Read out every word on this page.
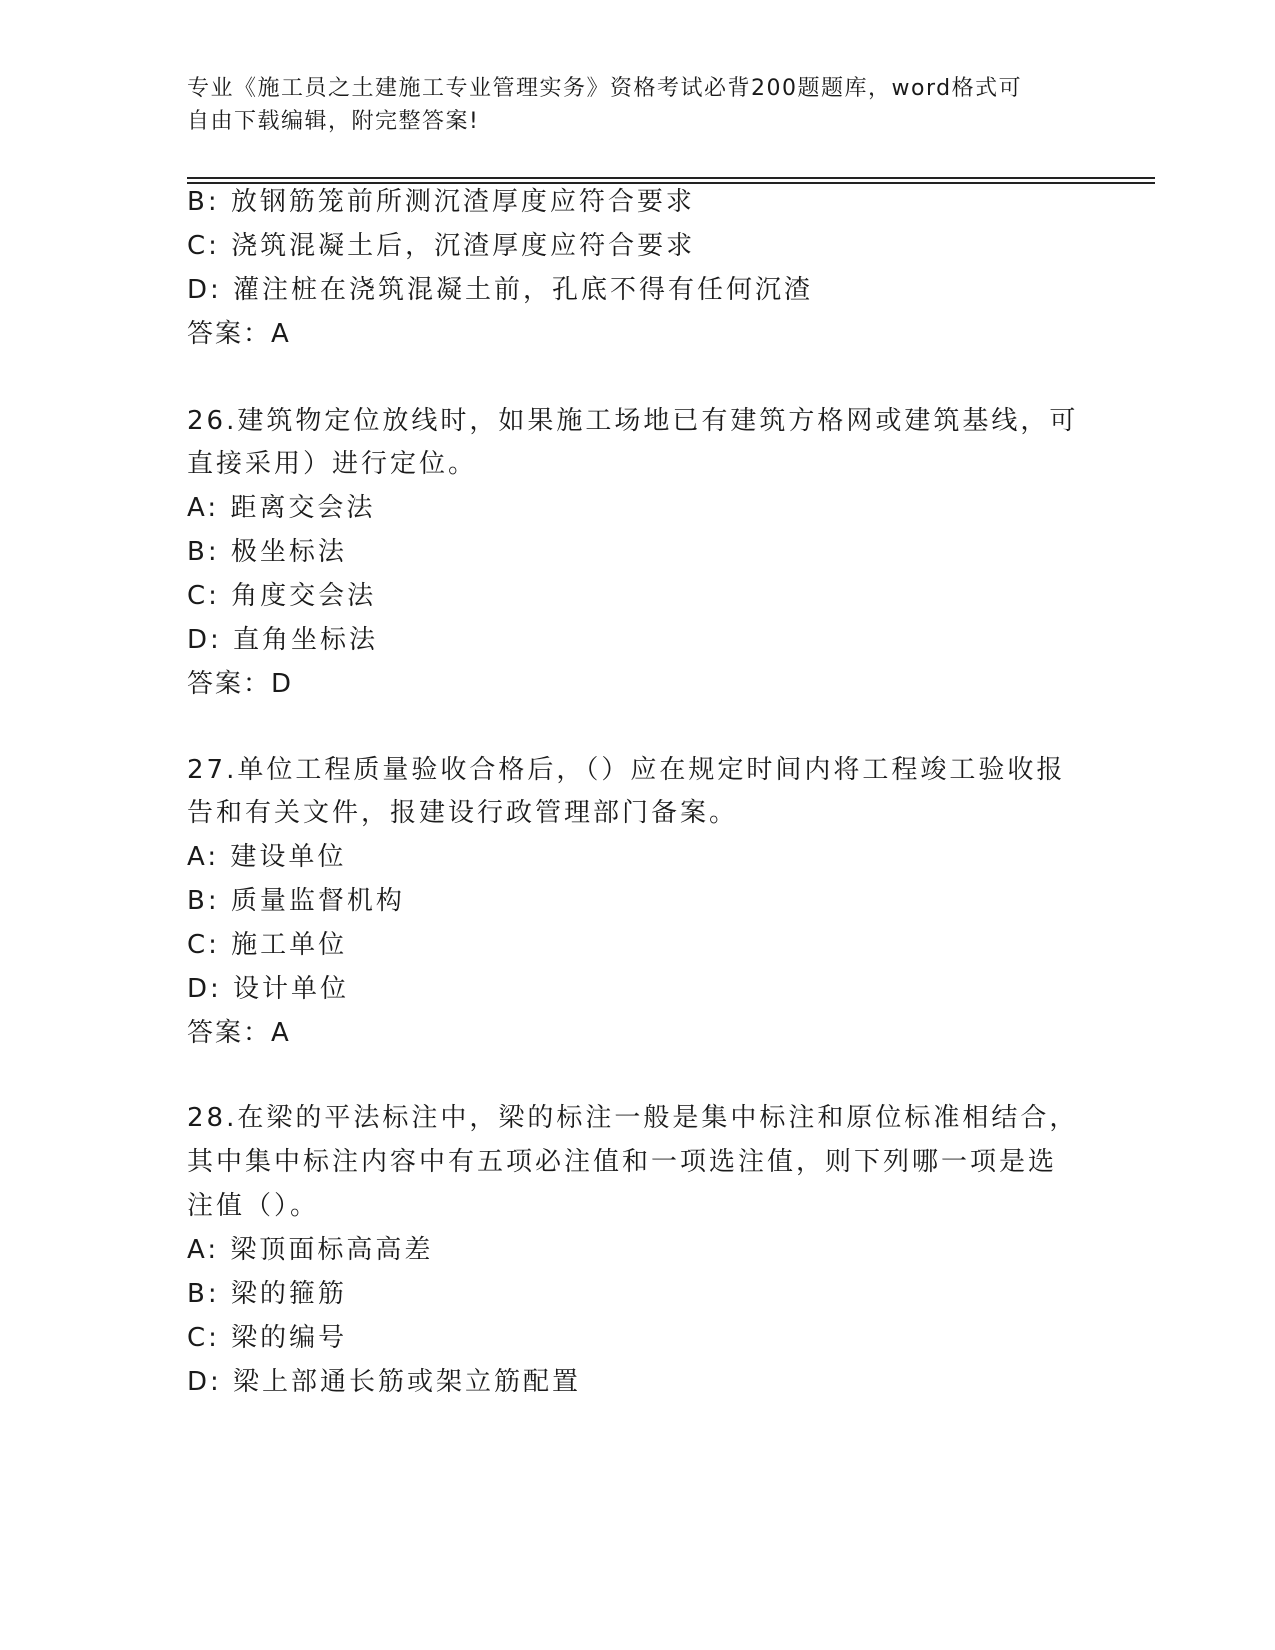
专业《施工员之土建施工专业管理实务》资格考试必背200题题库，word格式可
自由下载编辑，附完整答案!
B: 放钢筋笼前所测沉渣厚度应符合要求
C: 浇筑混凝土后，沉渣厚度应符合要求
D: 灌注桩在浇筑混凝土前，孔底不得有任何沉渣
答案：A
26.建筑物定位放线时，如果施工场地已有建筑方格网或建筑基线，可
直接采用）进行定位。
A: 距离交会法
B: 极坐标法
C: 角度交会法
D: 直角坐标法
答案：D
27.单位工程质量验收合格后，（）应在规定时间内将工程竣工验收报
告和有关文件，报建设行政管理部门备案。
A: 建设单位
B: 质量监督机构
C: 施工单位
D: 设计单位
答案：A
28.在梁的平法标注中，梁的标注一般是集中标注和原位标准相结合，
其中集中标注内容中有五项必注值和一项选注值，则下列哪一项是选
注值（）。
A: 梁顶面标高高差
B: 梁的箍筋
C: 梁的编号
D: 梁上部通长筋或架立筋配置
